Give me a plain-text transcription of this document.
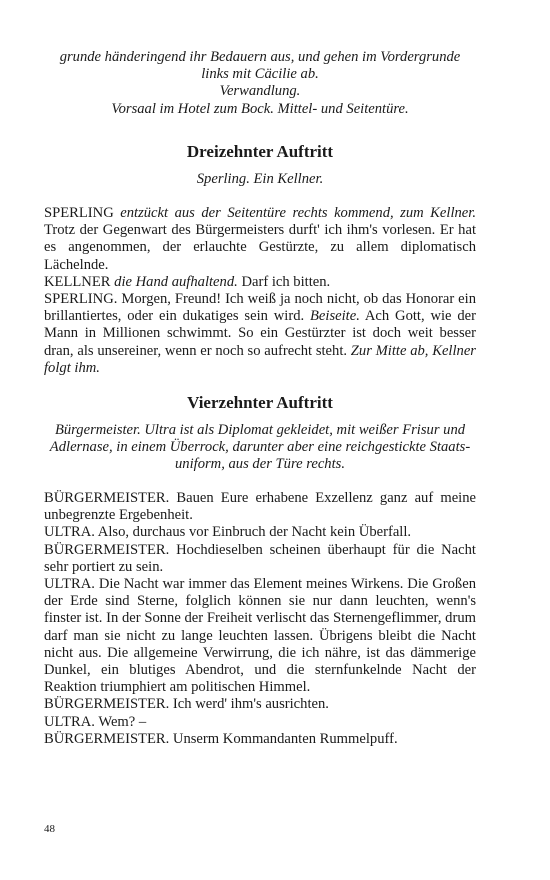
grunde händeringend ihr Bedauern aus, und gehen im Vordergrunde
links mit Cäcilie ab.
Verwandlung.
Vorsaal im Hotel zum Bock. Mittel- und Seitentüre.
Dreizehnter Auftritt
Sperling. Ein Kellner.

SPERLING entzückt aus der Seitentüre rechts kommend, zum Kellner. Trotz der Gegenwart des Bürgermeisters durft' ich ihm's vorlesen. Er hat es angenommen, der erlauchte Gestürzte, zu allem diplomatisch Lächelnde.

KELLNER die Hand aufhaltend. Darf ich bitten.

SPERLING. Morgen, Freund! Ich weiß ja noch nicht, ob das Honorar ein brillantiertes, oder ein dukatiges sein wird. Beiseite. Ach Gott, wie der Mann in Millionen schwimmt. So ein Gestürzter ist doch weit besser dran, als unsereiner, wenn er noch so aufrecht steht. Zur Mitte ab, Kellner folgt ihm.

Vierzehnter Auftritt
Bürgermeister. Ultra ist als Diplomat gekleidet, mit weißer Frisur und Adlernase, in einem Überrock, darunter aber eine reichgestickte Staats-uniform, aus der Türe rechts.

BÜRGERMEISTER. Bauen Eure erhabene Exzellenz ganz auf meine unbegrenzte Ergebenheit.

ULTRA. Also, durchaus vor Einbruch der Nacht kein Überfall.

BÜRGERMEISTER. Hochdieselben scheinen überhaupt für die Nacht sehr portiert zu sein.

ULTRA. Die Nacht war immer das Element meines Wirkens. Die Großen der Erde sind Sterne, folglich können sie nur dann leuchten, wenn's finster ist. In der Sonne der Freiheit verlischt das Sternengeflimmer, drum darf man sie nicht zu lange leuchten lassen. Übrigens bleibt die Nacht nicht aus. Die allgemeine Verwirrung, die ich nähre, ist das dämmerige Dunkel, ein blutiges Abendrot, und die sternfunkelnde Nacht der Reaktion triumphiert am politischen Himmel.

BÜRGERMEISTER. Ich werd' ihm's ausrichten.

ULTRA. Wem? –

BÜRGERMEISTER. Unserm Kommandanten Rummelpuff.

48
